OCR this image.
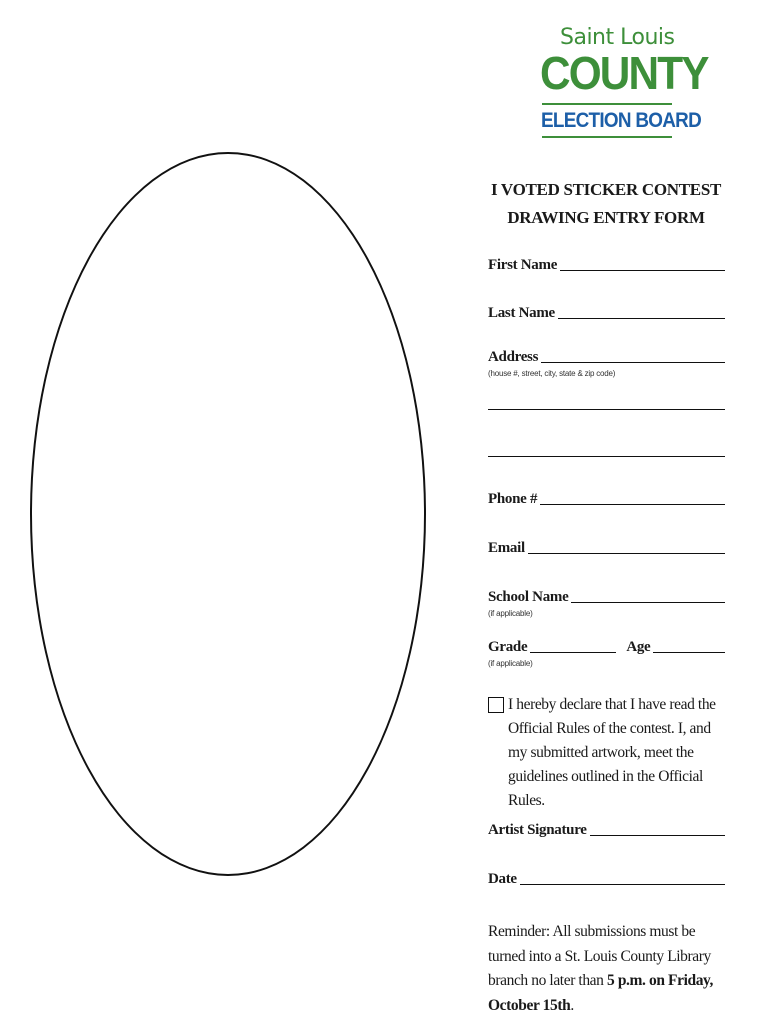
Saint Louis
COUNTY
ELECTION BOARD
I VOTED STICKER CONTEST
DRAWING ENTRY FORM
First Name
Last Name
Address
(house #, street, city, state & zip code)
Phone #
Email
School Name
(if applicable)
Grade	Age
(if applicable)
I hereby declare that I have read the Official Rules of the contest. I, and my submitted artwork, meet the guidelines outlined in the Official Rules.
Artist Signature
Date
Reminder: All submissions must be turned into a St. Louis County Library branch no later than 5 p.m. on Friday, October 15th.
